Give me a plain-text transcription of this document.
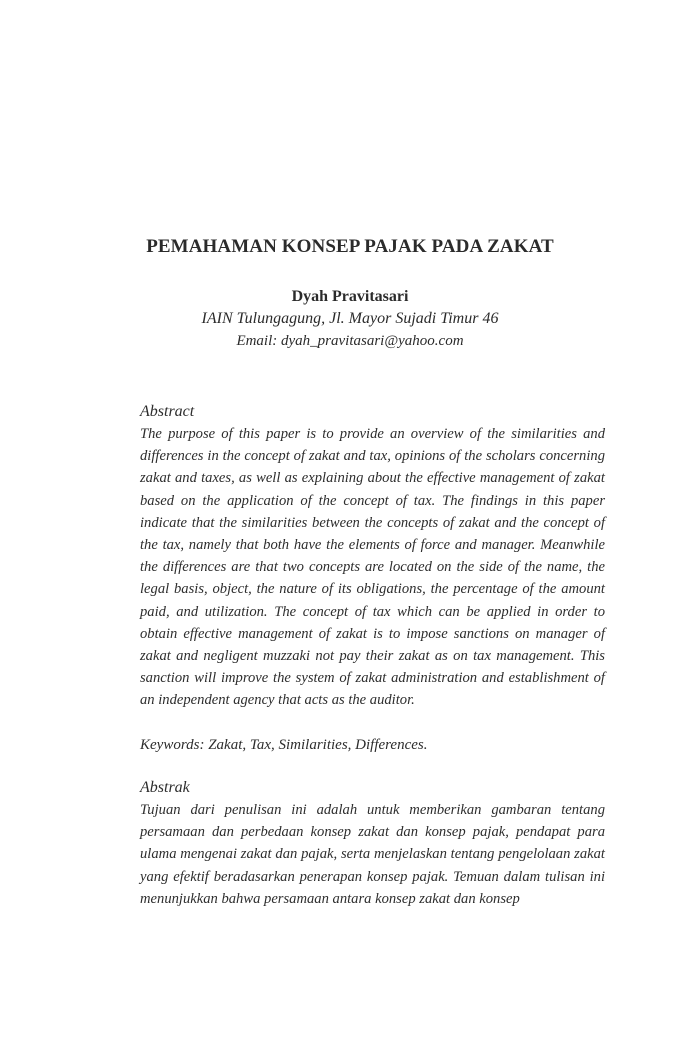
PEMAHAMAN KONSEP PAJAK PADA ZAKAT
Dyah Pravitasari
IAIN Tulungagung, Jl. Mayor Sujadi Timur 46
Email: dyah_pravitasari@yahoo.com
Abstract
The purpose of this paper is to provide an overview of the similarities and differences in the concept of zakat and tax, opinions of the scholars concerning zakat and taxes, as well as explaining about the effective management of zakat based on the application of the concept of tax. The findings in this paper indicate that the similarities between the concepts of zakat and the concept of the tax, namely that both have the elements of force and manager. Meanwhile the differences are that two concepts are located on the side of the name, the legal basis, object, the nature of its obligations, the percentage of the amount paid, and utilization. The concept of tax which can be applied in order to obtain effective management of zakat is to impose sanctions on manager of zakat and negligent muzzaki not pay their zakat as on tax management. This sanction will improve the system of zakat administration and establishment of an independent agency that acts as the auditor.
Keywords: Zakat, Tax, Similarities, Differences.
Abstrak
Tujuan dari penulisan ini adalah untuk memberikan gambaran tentang persamaan dan perbedaan konsep zakat dan konsep pajak, pendapat para ulama mengenai zakat dan pajak, serta menjelaskan tentang pengelolaan zakat yang efektif beradasarkan penerapan konsep pajak. Temuan dalam tulisan ini menunjukkan bahwa persamaan antara konsep zakat dan konsep
